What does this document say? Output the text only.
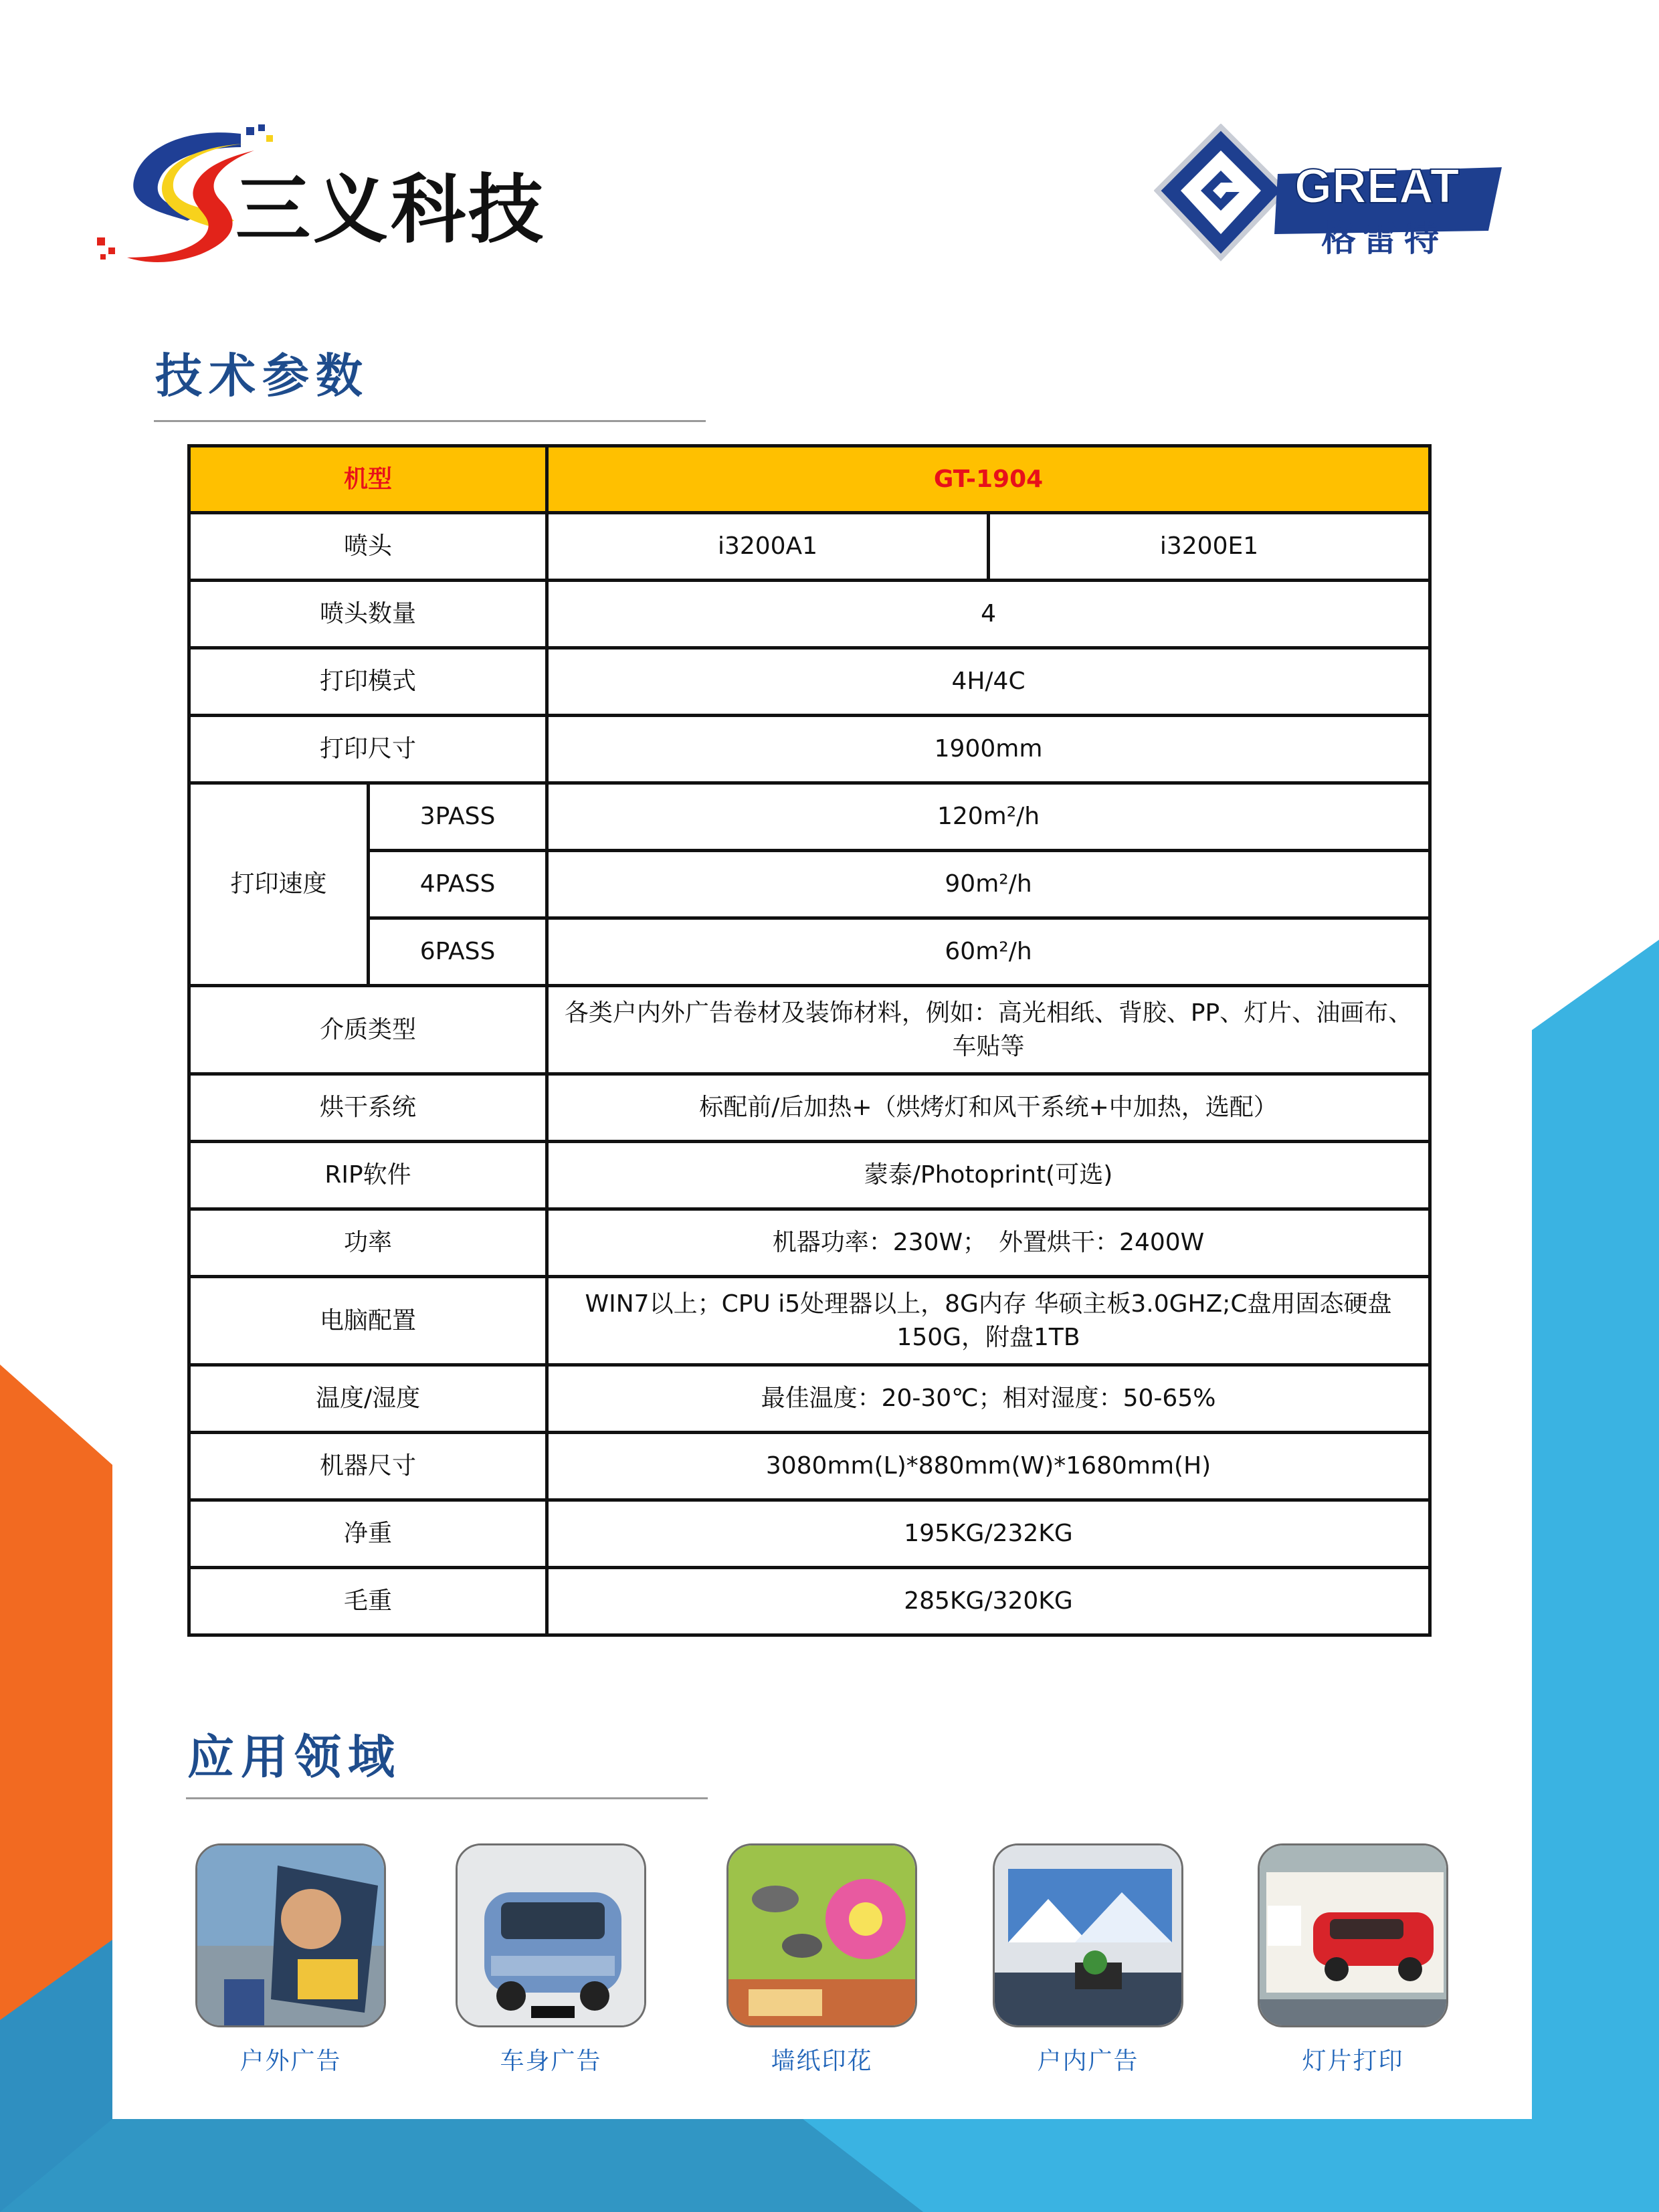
三义科技	GREAT
格雷特
技术参数
机型		GT-1904	
喷头		i3200A1	i3200E1
喷头数量		4	
打印模式		4H/4C	
打印尺寸		1900mm	
打印速度	3PASS	120m²/h	
	4PASS	90m²/h	
	6PASS	60m²/h	
介质类型		各类户内外广告卷材及装饰材料，例如：高光相纸、背胶、PP、灯片、油画布、车贴等	
烘干系统		标配前/后加热+（烘烤灯和风干系统+中加热，选配）	
RIP软件		蒙泰/Photoprint(可选)	
功率		机器功率：230W；　外置烘干：2400W	
电脑配置		WIN7以上；CPU i5处理器以上，8G内存 华硕主板3.0GHZ;C盘用固态硬盘150G，附盘1TB	
温度/湿度		最佳温度：20-30℃；相对湿度：50-65%	
机器尺寸		3080mm(L)*880mm(W)*1680mm(H)	
净重		195KG/232KG	
毛重		285KG/320KG	
应用领域
户外广告	车身广告	墙纸印花	户内广告	灯片打印
